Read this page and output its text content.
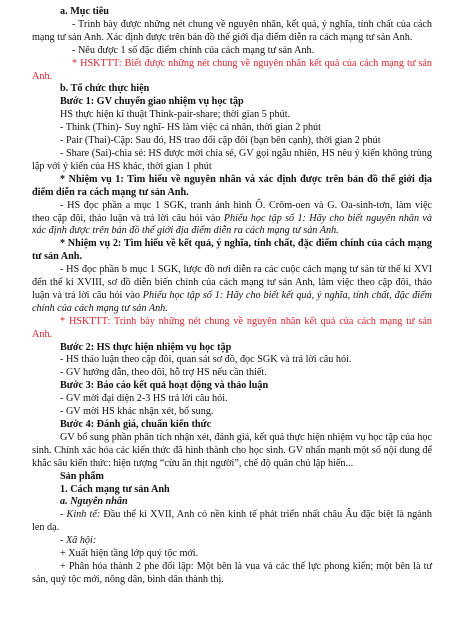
a. Mục tiêu

- Trình bày được những nét chung về nguyên nhân, kết quả, ý nghĩa, tính chất của cách mạng tư sản Anh. Xác định được trên bản đồ thế giới địa điểm diễn ra cách mạng tư sản Anh.

- Nêu được 1 số đặc điểm chính của cách mạng tư sản Anh.

* HSKTTT: Biết được những nét chung về nguyên nhân kết quả của cách mạng tư sản Anh.

b. Tổ chức thực hiện

Bước 1: GV chuyển giao nhiệm vụ học tập

HS thực hiện kĩ thuật Think-pair-share; thời gian 5 phút.

- Think (Thin)- Suy nghĩ- HS làm việc cá nhân, thời gian 2 phút

- Pair (Thai)-Cặp: Sau đó, HS trao đổi cặp đôi (bạn bên cạnh), thời gian 2 phút

- Share (Sai)-chia sẻ: HS được mời chia sẻ, GV gọi ngẫu nhiên, HS nêu ý kiến không trùng lặp với ý kiến của HS khác, thời gian 1 phút

* Nhiệm vụ 1: Tìm hiểu về nguyên nhân và xác định được trên bản đồ thế giới địa điểm diễn ra cách mạng tư sản Anh.

- HS đọc phần a mục 1 SGK, tranh ảnh hình Ô. Crôm-oen và G. Oa-sinh-tơn, làm việc theo cặp đôi, thảo luận và trả lời câu hỏi vào Phiếu học tập số 1: Hãy cho biết nguyên nhân và xác định được trên bản đồ thế giới địa điểm diễn ra cách mạng tư sản Anh.

* Nhiệm vụ 2: Tìm hiểu về kết quả, ý nghĩa, tính chất, đặc điểm chính của cách mạng tư sản Anh.

- HS đọc phần b mục 1 SGK, lược đồ nơi diễn ra các cuộc cách mạng tư sản từ thế kỉ XVI đến thế kỉ XVIII, sơ đồ diễn biến chính của cách mạng tư sản Anh, làm việc theo cặp đôi, thảo luận và trả lời câu hỏi vào Phiếu học tập số 1: Hãy cho biết kết quả, ý nghĩa, tính chất, đặc điểm chính của cách mạng tư sản Anh.

* HSKTTT: Trình bày những nét chung về nguyên nhân kết quả của cách mạng tư sản Anh.

Bước 2: HS thực hiện nhiệm vụ học tập

- HS thảo luận theo cặp đôi, quan sát sơ đồ, đọc SGK và trả lời câu hỏi.

- GV hướng dẫn, theo dõi, hỗ trợ HS nếu cần thiết.

Bước 3: Báo cáo kết quả hoạt động và thảo luận

- GV mời đại diện 2-3 HS trả lời câu hỏi.

- GV mời HS khác nhận xét, bổ sung.

Bước 4: Đánh giá, chuẩn kiến thức

GV bổ sung phần phân tích nhận xét, đánh giá, kết quả thực hiện nhiệm vụ học tập của học sinh. Chính xác hóa các kiến thức đã hình thành cho học sinh. GV nhấn mạnh một số nội dung để khắc sâu kiến thức: hiện tượng “cừu ăn thịt người”, chế độ quân chủ lập hiến...

Sản phẩm

1. Cách mạng tư sản Anh

a. Nguyên nhân

- Kinh tế: Đầu thế kỉ XVII, Anh có nền kinh tế phát triển nhất châu Âu đặc biệt là ngành len dạ.

- Xã hội:

+ Xuất hiện tầng lớp quý tộc mới.

+ Phân hóa thành 2 phe đối lập: Một bên là vua và các thế lực phong kiến; một bên là tư sản, quý tộc mới, nông dân, bình dân thành thị.
